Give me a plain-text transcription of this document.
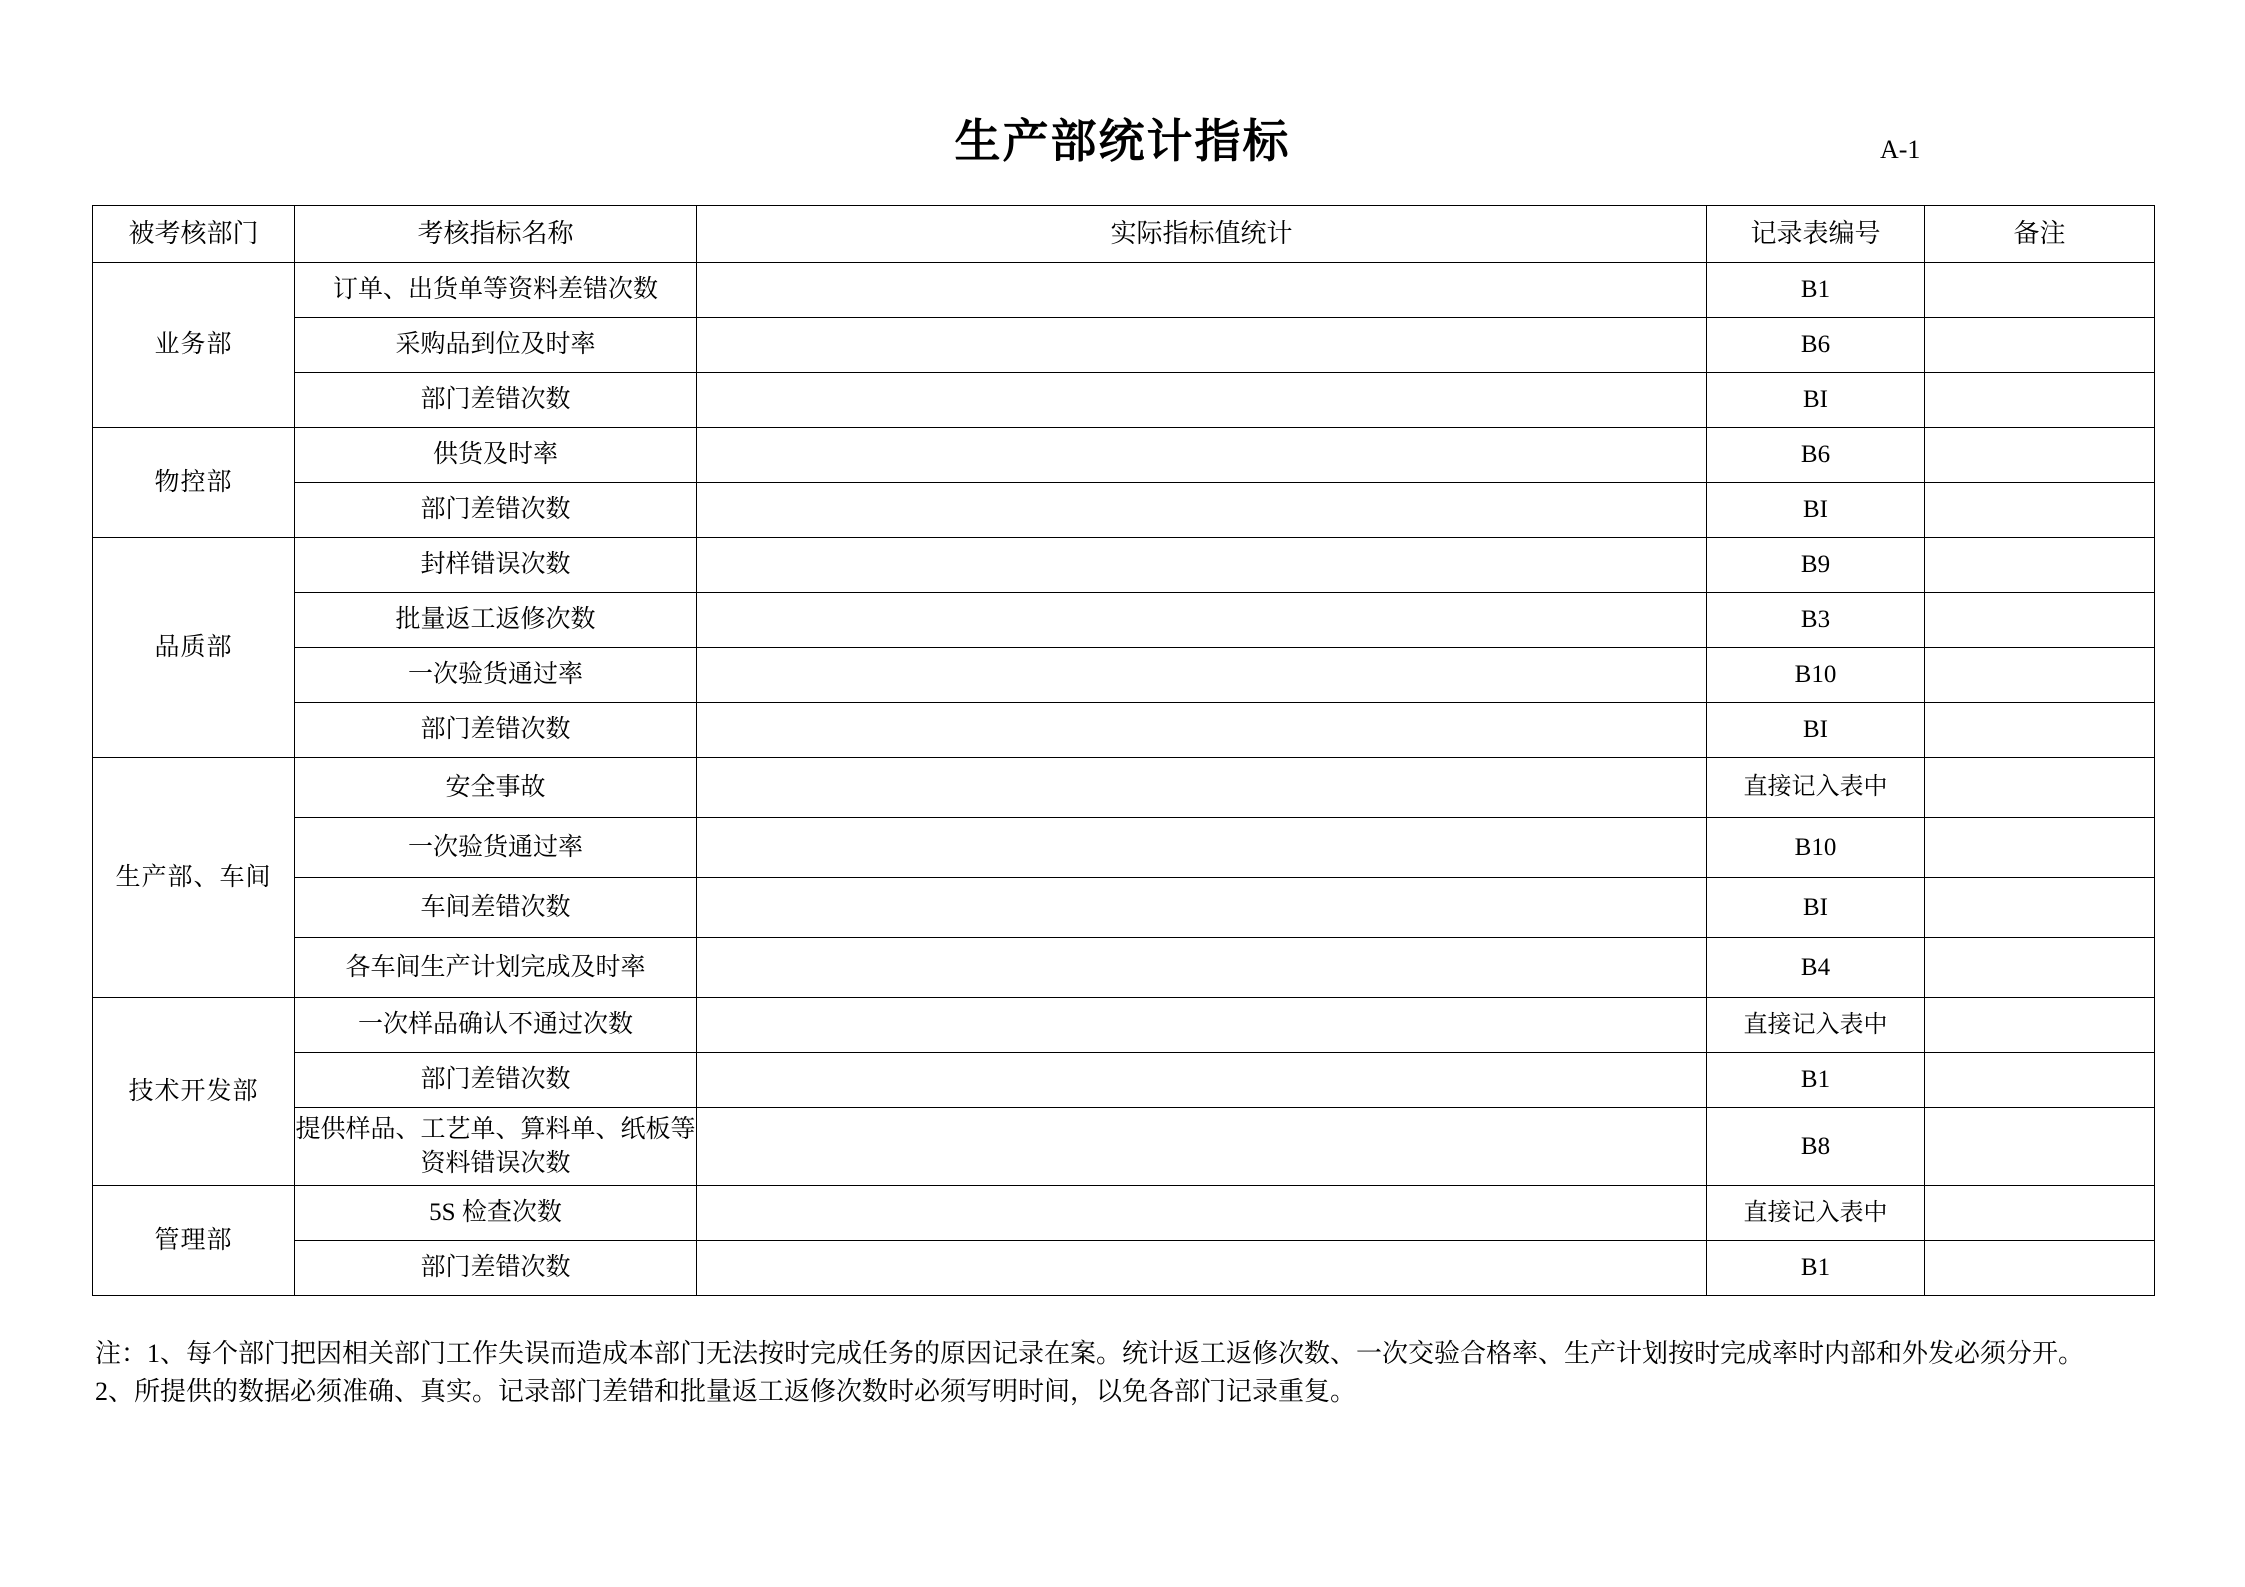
生产部统计指标	A-1
被考核部门	考核指标名称	实际指标值统计	记录表编号	备注
业务部	订单、出货单等资料差错次数		B1	
	采购品到位及时率		B6	
	部门差错次数		BI	
物控部	供货及时率		B6	
	部门差错次数		BI	
品质部	封样错误次数		B9	
	批量返工返修次数		B3	
	一次验货通过率		B10	
	部门差错次数		BI	
生产部、车间	安全事故		直接记入表中	
	一次验货通过率		B10	
	车间差错次数		BI	
	各车间生产计划完成及时率		B4	
技术开发部	一次样品确认不通过次数		直接记入表中	
	部门差错次数		B1	
	提供样品、工艺单、算料单、纸板等资料错误次数		B8	
管理部	5S 检查次数		直接记入表中	
	部门差错次数		B1	

注：1、每个部门把因相关部门工作失误而造成本部门无法按时完成任务的原因记录在案。统计返工返修次数、一次交验合格率、生产计划按时完成率时内部和外发必须分开。

2、所提供的数据必须准确、真实。记录部门差错和批量返工返修次数时必须写明时间，以免各部门记录重复。
